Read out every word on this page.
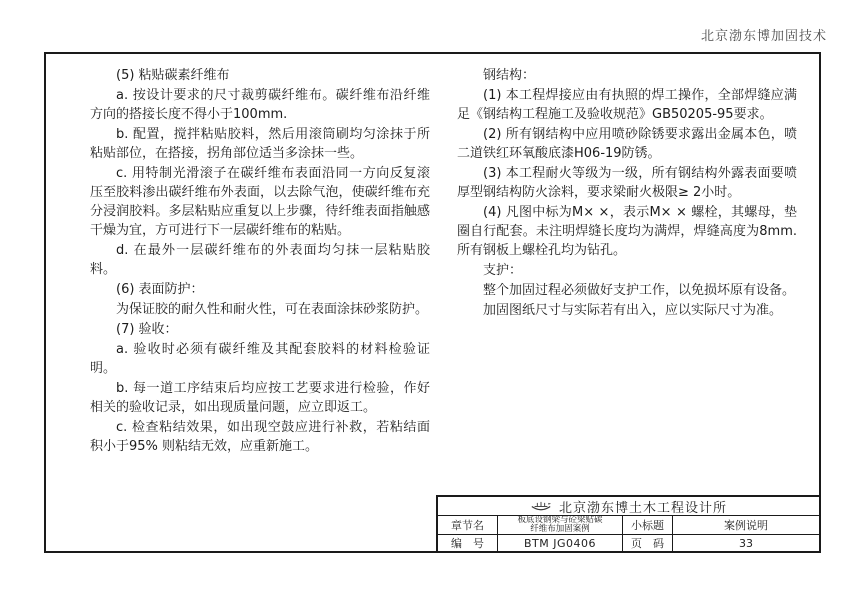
北京渤东博加固技术

(5) 粘贴碳素纤维布

a. 按设计要求的尺寸裁剪碳纤维布。碳纤维布沿纤维方向的搭接长度不得小于100mm.

b. 配置，搅拌粘贴胶料，然后用滚筒刷均匀涂抹于所粘贴部位，在搭接，拐角部位适当多涂抹一些。

c. 用特制光滑滚子在碳纤维布表面沿同一方向反复滚压至胶料渗出碳纤维布外表面，以去除气泡，使碳纤维布充分浸润胶料。多层粘贴应重复以上步骤，待纤维表面指触感干燥为宜，方可进行下一层碳纤维布的粘贴。

d. 在最外一层碳纤维布的外表面均匀抹一层粘贴胶料。

(6) 表面防护：

为保证胶的耐久性和耐火性，可在表面涂抹砂浆防护。

(7) 验收：

a. 验收时必须有碳纤维及其配套胶料的材料检验证明。

b. 每一道工序结束后均应按工艺要求进行检验，作好相关的验收记录，如出现质量问题，应立即返工。

c. 检查粘结效果，如出现空鼓应进行补救，若粘结面积小于95% 则粘结无效，应重新施工。

钢结构：

(1) 本工程焊接应由有执照的焊工操作，全部焊缝应满足《钢结构工程施工及验收规范》GB50205-95要求。

(2) 所有钢结构中应用喷砂除锈要求露出金属本色，喷二道铁红环氧酸底漆H06-19防锈。

(3) 本工程耐火等级为一级，所有钢结构外露表面要喷厚型钢结构防火涂料，要求梁耐火极限≥ 2小时。

(4) 凡图中标为M× ×，表示M× × 螺栓，其螺母，垫圈自行配套。未注明焊缝长度均为满焊，焊缝高度为8mm. 所有钢板上螺栓孔均为钻孔。

支护：

整个加固过程必须做好支护工作，以免损坏原有设备。

加固图纸尺寸与实际若有出入，应以实际尺寸为准。

北京渤东博土木工程设计所
章节名	板底设钢梁与砼梁贴碳
纤维布加固案例	小标题	案例说明
编　号	BTM JG0406	页　码	33
